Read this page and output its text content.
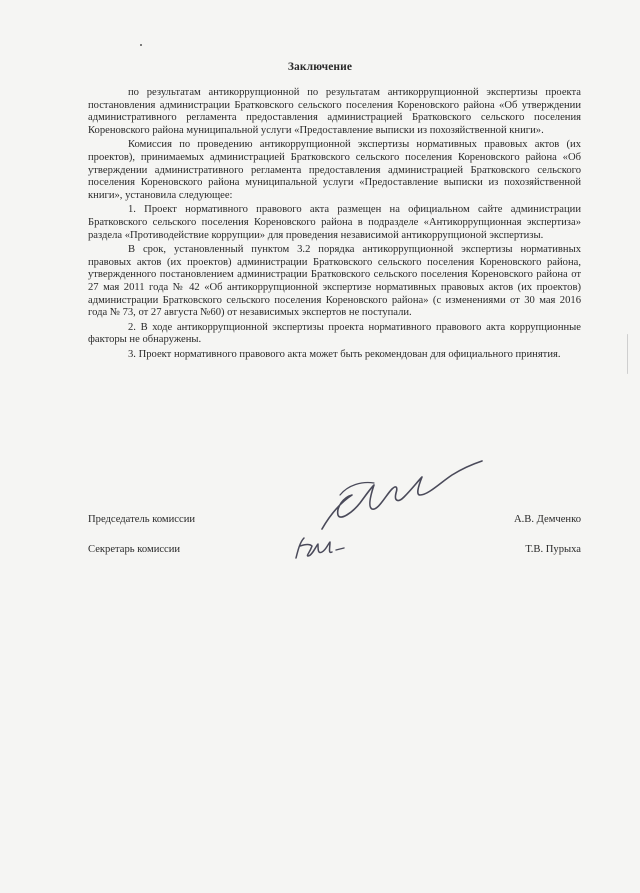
Заключение

по результатам антикоррупционной по результатам антикоррупционной экспертизы проекта постановления администрации Братковского сельского поселения Кореновского района «Об утверждении административного регламента предоставления администрацией Братковского сельского поселения Кореновского района муниципальной услуги «Предоставление выписки из похозяйственной книги».

Комиссия по проведению антикоррупционной экспертизы нормативных правовых актов (их проектов), принимаемых администрацией Братковского сельского поселения Кореновского района «Об утверждении административного регламента предоставления администрацией Братковского сельского поселения Кореновского района муниципальной услуги «Предоставление выписки из похозяйственной книги», установила следующее:

1. Проект нормативного правового акта размещен на официальном сайте администрации Братковского сельского поселения Кореновского района в подразделе «Антикоррупционная экспертиза» раздела «Противодействие коррупции» для проведения независимой антикоррупционой экспертизы.

В срок, установленный пунктом 3.2 порядка антикоррупционной экспертизы нормативных правовых актов (их проектов) администрации Братковского сельского поселения Кореновского района, утвержденного постановлением администрации Братковского сельского поселения Кореновского района от 27 мая 2011 года № 42 «Об антикоррупционной экспертизе нормативных правовых актов (их проектов) администрации Братковского сельского поселения Кореновского района» (с изменениями от 30 мая 2016 года № 73, от 27 августа №60) от независимых экспертов не поступали.

2. В ходе антикоррупционной экспертизы проекта нормативного правового акта коррупционные факторы не обнаружены.

3. Проект нормативного правового акта может быть рекомендован для официального принятия.

Председатель комиссии	А.В. Демченко
Секретарь комиссии	Т.В. Пурыха
